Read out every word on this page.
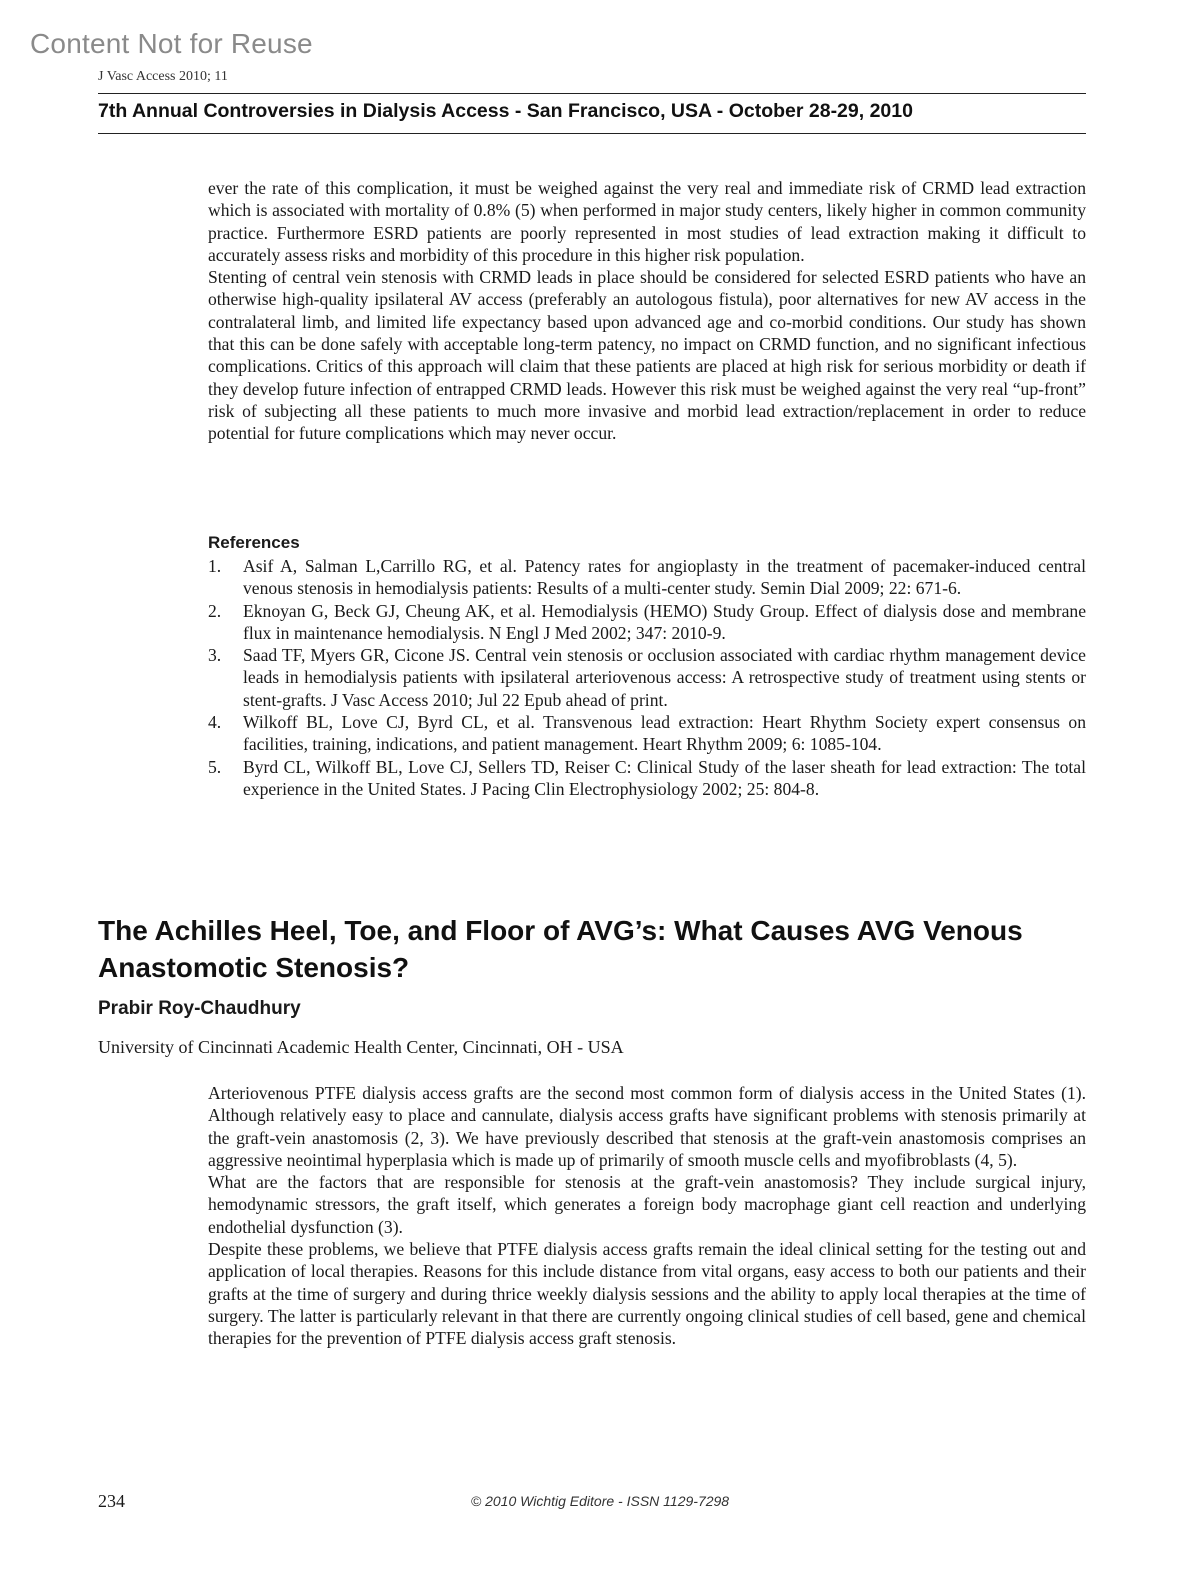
Content Not for Reuse
J Vasc Access 2010; 11
7th Annual Controversies in Dialysis Access - San Francisco, USA - October 28-29, 2010

ever the rate of this complication, it must be weighed against the very real and immediate risk of CRMD lead extraction which is associated with mortality of 0.8% (5) when performed in major study centers, likely higher in common community practice. Furthermore ESRD patients are poorly represented in most studies of lead extraction making it difficult to accurately assess risks and morbidity of this procedure in this higher risk population.

Stenting of central vein stenosis with CRMD leads in place should be considered for selected ESRD patients who have an otherwise high-quality ipsilateral AV access (preferably an autologous fistula), poor alternatives for new AV access in the contralateral limb, and limited life expectancy based upon advanced age and co-morbid conditions. Our study has shown that this can be done safely with acceptable long-term patency, no impact on CRMD function, and no significant infectious complications. Critics of this approach will claim that these patients are placed at high risk for serious morbidity or death if they develop future infection of entrapped CRMD leads. However this risk must be weighed against the very real “up-front” risk of subjecting all these patients to much more invasive and morbid lead extraction/replacement in order to reduce potential for future complications which may never occur.

References
1. Asif A, Salman L,Carrillo RG, et al. Patency rates for angioplasty in the treatment of pacemaker-induced central venous stenosis in hemodialysis patients: Results of a multi-center study. Semin Dial 2009; 22: 671-6.
2. Eknoyan G, Beck GJ, Cheung AK, et al. Hemodialysis (HEMO) Study Group. Effect of dialysis dose and membrane flux in maintenance hemodialysis. N Engl J Med 2002; 347: 2010-9.
3. Saad TF, Myers GR, Cicone JS. Central vein stenosis or occlusion associated with cardiac rhythm management device leads in hemodialysis patients with ipsilateral arteriovenous access: A retrospective study of treatment using stents or stent-grafts. J Vasc Access 2010; Jul 22 Epub ahead of print.
4. Wilkoff BL, Love CJ, Byrd CL, et al. Transvenous lead extraction: Heart Rhythm Society expert consensus on facilities, training, indications, and patient management. Heart Rhythm 2009; 6: 1085-104.
5. Byrd CL, Wilkoff BL, Love CJ, Sellers TD, Reiser C: Clinical Study of the laser sheath for lead extraction: The total experience in the United States. J Pacing Clin Electrophysiology 2002; 25: 804-8.
The Achilles Heel, Toe, and Floor of AVG’s: What Causes AVG Venous Anastomotic Stenosis?
Prabir Roy-Chaudhury
University of Cincinnati Academic Health Center, Cincinnati, OH - USA

Arteriovenous PTFE dialysis access grafts are the second most common form of dialysis access in the United States (1). Although relatively easy to place and cannulate, dialysis access grafts have significant problems with stenosis primarily at the graft-vein anastomosis (2, 3). We have previously described that stenosis at the graft-vein anastomosis comprises an aggressive neointimal hyperplasia which is made up of primarily of smooth muscle cells and myofibroblasts (4, 5).

What are the factors that are responsible for stenosis at the graft-vein anastomosis? They include surgical injury, hemodynamic stressors, the graft itself, which generates a foreign body macrophage giant cell reaction and underlying endothelial dysfunction (3).

Despite these problems, we believe that PTFE dialysis access grafts remain the ideal clinical setting for the testing out and application of local therapies. Reasons for this include distance from vital organs, easy access to both our patients and their grafts at the time of surgery and during thrice weekly dialysis sessions and the ability to apply local therapies at the time of surgery. The latter is particularly relevant in that there are currently ongoing clinical studies of cell based, gene and chemical therapies for the prevention of PTFE dialysis access graft stenosis.

234	© 2010 Wichtig Editore - ISSN 1129-7298
